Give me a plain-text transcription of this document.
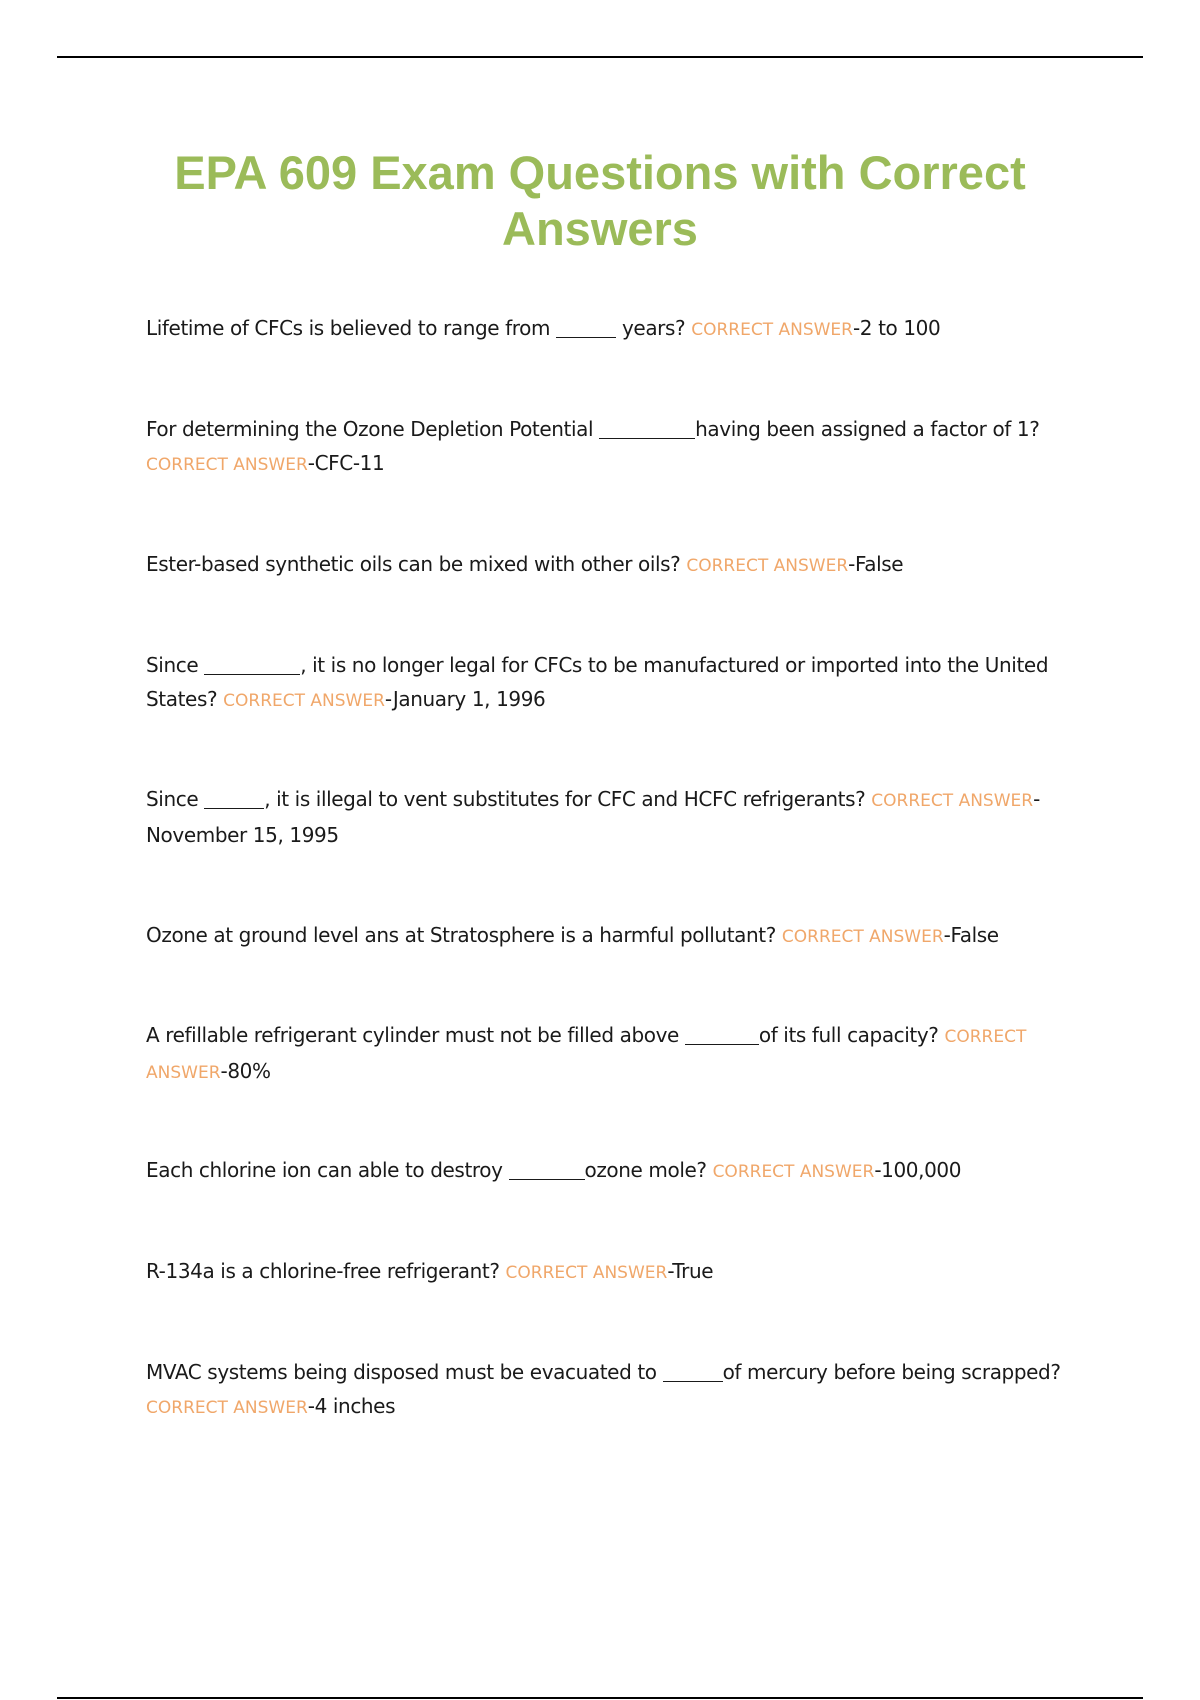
EPA 609 Exam Questions with Correct Answers

Lifetime of CFCs is believed to range from	years? CORRECT ANSWER-2 to 100

For determining the Ozone Depletion Potential	having been assigned a factor of 1? CORRECT ANSWER-CFC-11

Ester-based synthetic oils can be mixed with other oils? CORRECT ANSWER-False

Since	, it is no longer legal for CFCs to be manufactured or imported into the United States? CORRECT ANSWER-January 1, 1996

Since	, it is illegal to vent substitutes for CFC and HCFC refrigerants? CORRECT ANSWER-November 15, 1995

Ozone at ground level ans at Stratosphere is a harmful pollutant? CORRECT ANSWER-False

A refillable refrigerant cylinder must not be filled above	of its full capacity? CORRECT ANSWER-80%

Each chlorine ion can able to destroy	ozone mole? CORRECT ANSWER-100,000

R-134a is a chlorine-free refrigerant? CORRECT ANSWER-True

MVAC systems being disposed must be evacuated to	of mercury before being scrapped? CORRECT ANSWER-4 inches
